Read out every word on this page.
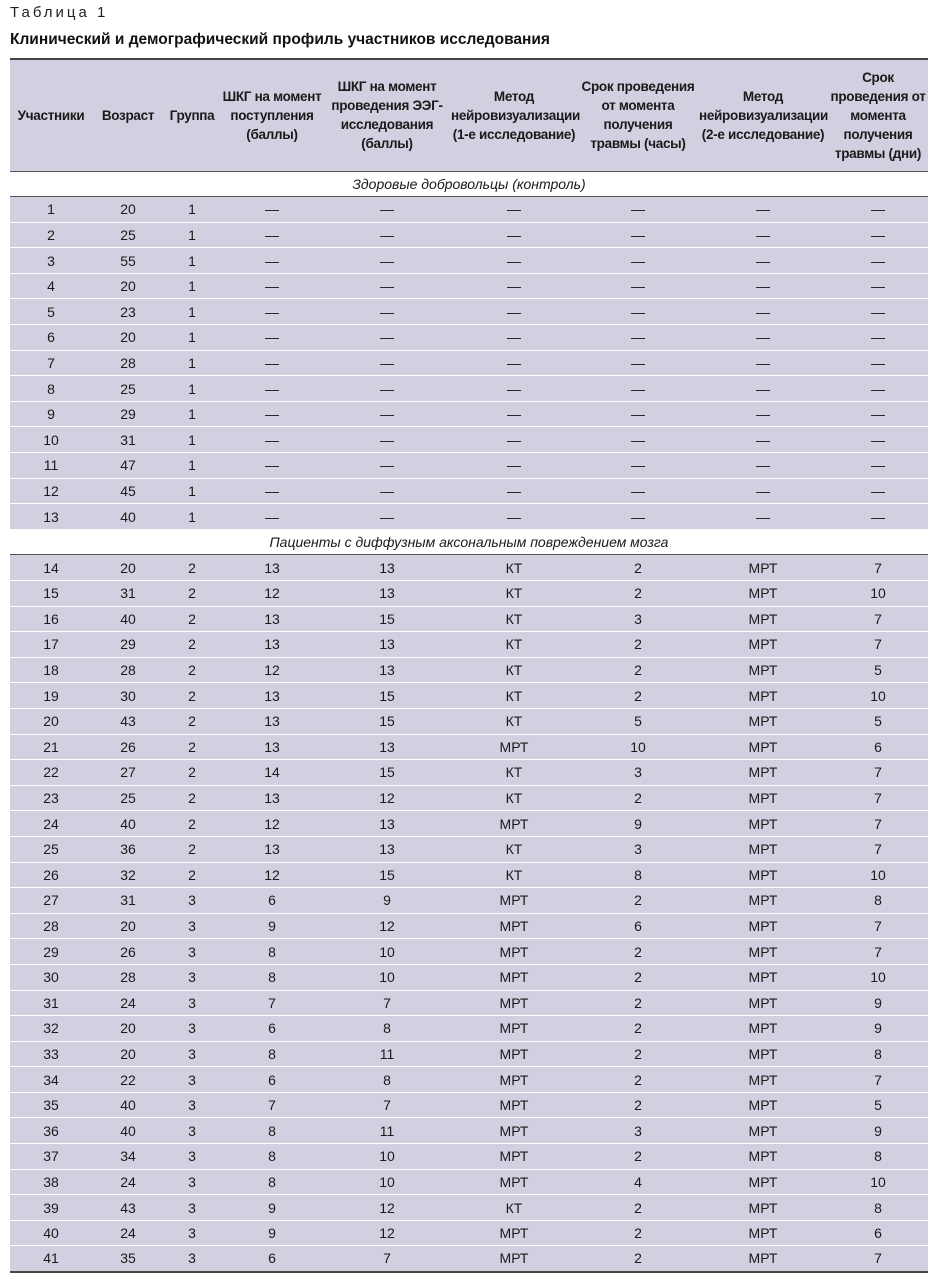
Таблица 1
Клинический и демографический профиль участников исследования
Участники	Возраст	Группа	ШКГ на момент поступления (баллы)	ШКГ на момент проведения ЭЭГ-исследования (баллы)	Метод нейровизуализации (1-е исследование)	Срок проведения от момента получения травмы (часы)	Метод нейровизуализации (2-е исследование)	Срок проведения от момента получения травмы (дни)
Здоровые добровольцы (контроль)								
1	20	1	—	—	—	—	—	—
2	25	1	—	—	—	—	—	—
3	55	1	—	—	—	—	—	—
4	20	1	—	—	—	—	—	—
5	23	1	—	—	—	—	—	—
6	20	1	—	—	—	—	—	—
7	28	1	—	—	—	—	—	—
8	25	1	—	—	—	—	—	—
9	29	1	—	—	—	—	—	—
10	31	1	—	—	—	—	—	—
11	47	1	—	—	—	—	—	—
12	45	1	—	—	—	—	—	—
13	40	1	—	—	—	—	—	—
Пациенты с диффузным аксональным повреждением мозга								
14	20	2	13	13	КТ	2	МРТ	7
15	31	2	12	13	КТ	2	МРТ	10
16	40	2	13	15	КТ	3	МРТ	7
17	29	2	13	13	КТ	2	МРТ	7
18	28	2	12	13	КТ	2	МРТ	5
19	30	2	13	15	КТ	2	МРТ	10
20	43	2	13	15	КТ	5	МРТ	5
21	26	2	13	13	МРТ	10	МРТ	6
22	27	2	14	15	КТ	3	МРТ	7
23	25	2	13	12	КТ	2	МРТ	7
24	40	2	12	13	МРТ	9	МРТ	7
25	36	2	13	13	КТ	3	МРТ	7
26	32	2	12	15	КТ	8	МРТ	10
27	31	3	6	9	МРТ	2	МРТ	8
28	20	3	9	12	МРТ	6	МРТ	7
29	26	3	8	10	МРТ	2	МРТ	7
30	28	3	8	10	МРТ	2	МРТ	10
31	24	3	7	7	МРТ	2	МРТ	9
32	20	3	6	8	МРТ	2	МРТ	9
33	20	3	8	11	МРТ	2	МРТ	8
34	22	3	6	8	МРТ	2	МРТ	7
35	40	3	7	7	МРТ	2	МРТ	5
36	40	3	8	11	МРТ	3	МРТ	9
37	34	3	8	10	МРТ	2	МРТ	8
38	24	3	8	10	МРТ	4	МРТ	10
39	43	3	9	12	КТ	2	МРТ	8
40	24	3	9	12	МРТ	2	МРТ	6
41	35	3	6	7	МРТ	2	МРТ	7
